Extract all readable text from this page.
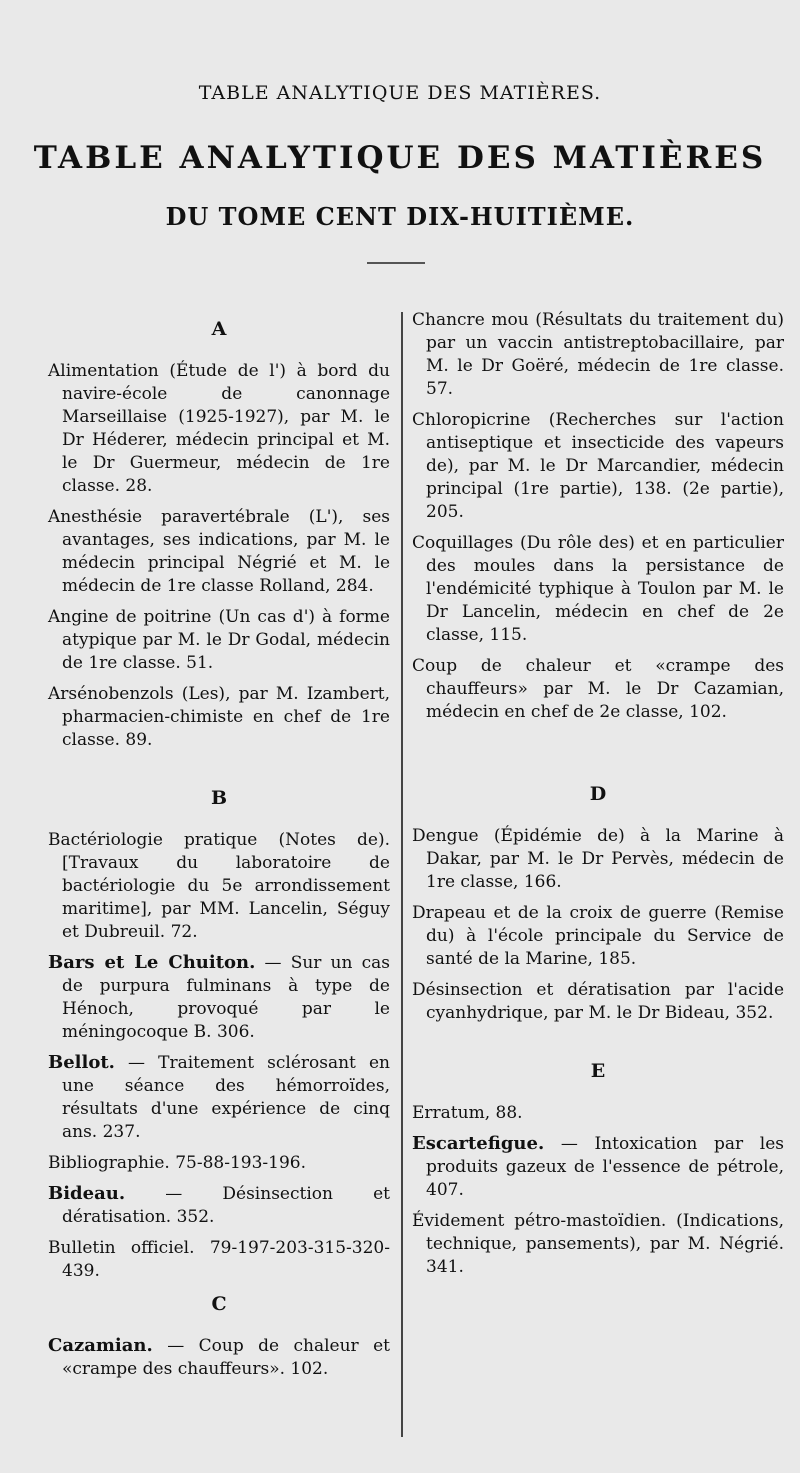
TABLE ANALYTIQUE DES MATIÈRES.
TABLE ANALYTIQUE DES MATIÈRES
DU TOME CENT DIX-HUITIÈME.
A

Alimentation (Étude de l') à bord du navire-école de canonnage Marseillaise (1925-1927), par M. le Dr Héderer, médecin principal et M. le Dr Guermeur, médecin de 1re classe. 28.

Anesthésie paravertébrale (L'), ses avantages, ses indications, par M. le médecin principal Négrié et M. le médecin de 1re classe Rolland, 284.

Angine de poitrine (Un cas d') à forme atypique par M. le Dr Godal, médecin de 1re classe. 51.

Arsénobenzols (Les), par M. Izambert, pharmacien-chimiste en chef de 1re classe. 89.

B

Bactériologie pratique (Notes de). [Travaux du laboratoire de bactériologie du 5e arrondissement maritime], par MM. Lancelin, Séguy et Dubreuil. 72.

Bars et Le Chuiton. — Sur un cas de purpura fulminans à type de Hénoch, provoqué par le méningocoque B. 306.

Bellot. — Traitement sclérosant en une séance des hémorroïdes, résultats d'une expérience de cinq ans. 237.

Bibliographie. 75-88-193-196.

Bideau. — Désinsection et dératisation. 352.

Bulletin officiel. 79-197-203-315-320-439.

C

Cazamian. — Coup de chaleur et «crampe des chauffeurs». 102.

Chancre mou (Résultats du traitement du) par un vaccin antistreptobacillaire, par M. le Dr Goëré, médecin de 1re classe. 57.

Chloropicrine (Recherches sur l'action antiseptique et insecticide des vapeurs de), par M. le Dr Marcandier, médecin principal (1re partie), 138. (2e partie), 205.

Coquillages (Du rôle des) et en particulier des moules dans la persistance de l'endémicité typhique à Toulon par M. le Dr Lancelin, médecin en chef de 2e classe, 115.

Coup de chaleur et «crampe des chauffeurs» par M. le Dr Cazamian, médecin en chef de 2e classe, 102.

D

Dengue (Épidémie de) à la Marine à Dakar, par M. le Dr Pervès, médecin de 1re classe, 166.

Drapeau et de la croix de guerre (Remise du) à l'école principale du Service de santé de la Marine, 185.

Désinsection et dératisation par l'acide cyanhydrique, par M. le Dr Bideau, 352.

E

Erratum, 88.

Escartefigue. — Intoxication par les produits gazeux de l'essence de pétrole, 407.

Évidement pétro-mastoïdien. (Indications, technique, pansements), par M. Négrié. 341.
